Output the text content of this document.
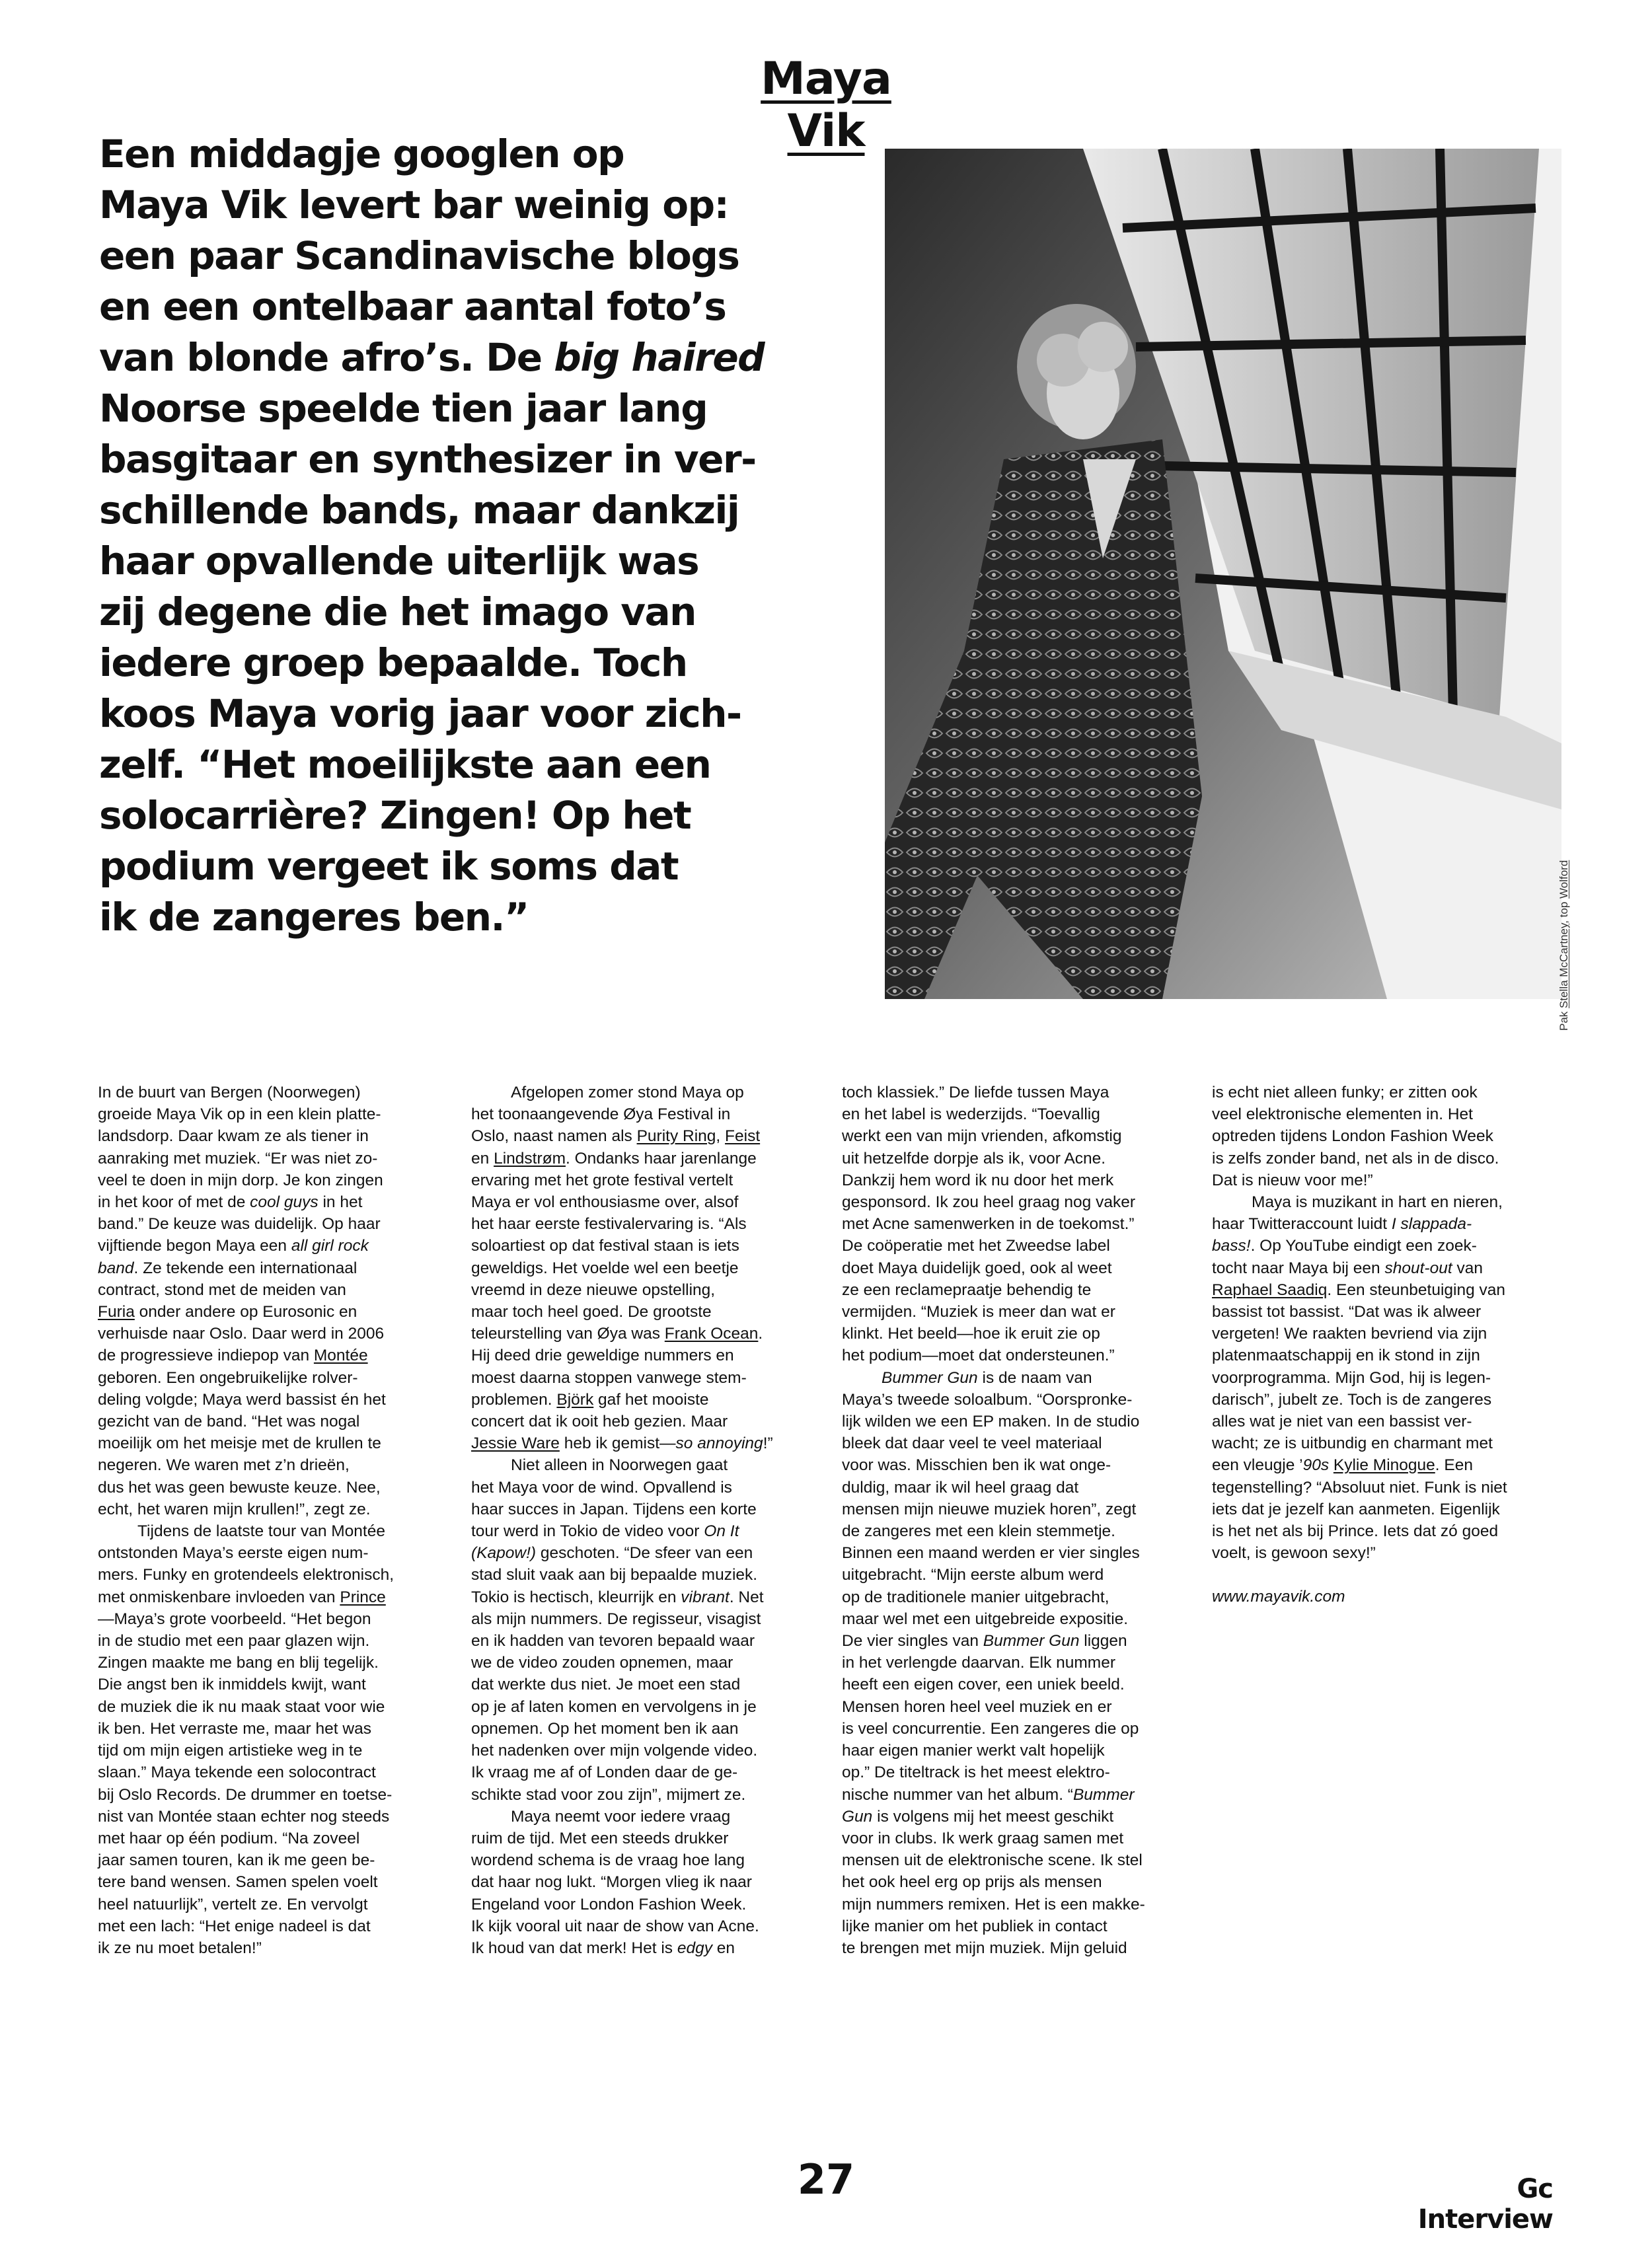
Maya Vik
Een middagje googlen op
Maya Vik levert bar weinig op:
een paar Scandinavische blogs
en een ontelbaar aantal foto’s
van blonde afro’s. De big haired
Noorse speelde tien jaar lang
basgitaar en synthesizer in ver-
schillende bands, maar dankzij
haar opvallende uiterlijk was
zij degene die het imago van
iedere groep bepaalde. Toch
koos Maya vorig jaar voor zich-
zelf. “Het moeilijkste aan een
solocarrière? Zingen! Op het
podium vergeet ik soms dat
ik de zangeres ben.”
Pak Stella McCartney, top Wolford
In de buurt van Bergen (Noorwegen)
groeide Maya Vik op in een klein platte-
landsdorp. Daar kwam ze als tiener in
aanraking met muziek. “Er was niet zo-
veel te doen in mijn dorp. Je kon zingen
in het koor of met de cool guys in het
band.” De keuze was duidelijk. Op haar
vijftiende begon Maya een all girl rock
band. Ze tekende een internationaal
contract, stond met de meiden van
Furia onder andere op Eurosonic en
verhuisde naar Oslo. Daar werd in 2006
de progressieve indiepop van Montée
geboren. Een ongebruikelijke rolver-
deling volgde; Maya werd bassist én het
gezicht van de band. “Het was nogal
moeilijk om het meisje met de krullen te
negeren. We waren met z’n drieën,
dus het was geen bewuste keuze. Nee,
echt, het waren mijn krullen!”, zegt ze.
Tijdens de laatste tour van Montée
ontstonden Maya’s eerste eigen num-
mers. Funky en grotendeels elektronisch,
met onmiskenbare invloeden van Prince
—Maya’s grote voorbeeld. “Het begon
in de studio met een paar glazen wijn.
Zingen maakte me bang en blij tegelijk.
Die angst ben ik inmiddels kwijt, want
de muziek die ik nu maak staat voor wie
ik ben. Het verraste me, maar het was
tijd om mijn eigen artistieke weg in te
slaan.” Maya tekende een solocontract
bij Oslo Records. De drummer en toetse-
nist van Montée staan echter nog steeds
met haar op één podium. “Na zoveel
jaar samen touren, kan ik me geen be-
tere band wensen. Samen spelen voelt
heel natuurlijk”, vertelt ze. En vervolgt
met een lach: “Het enige nadeel is dat
ik ze nu moet betalen!”
Afgelopen zomer stond Maya op
het toonaangevende Øya Festival in
Oslo, naast namen als Purity Ring, Feist
en Lindstrøm. Ondanks haar jarenlange
ervaring met het grote festival vertelt
Maya er vol enthousiasme over, alsof
het haar eerste festivalervaring is. “Als
soloartiest op dat festival staan is iets
geweldigs. Het voelde wel een beetje
vreemd in deze nieuwe opstelling,
maar toch heel goed. De grootste
teleurstelling van Øya was Frank Ocean.
Hij deed drie geweldige nummers en
moest daarna stoppen vanwege stem-
problemen. Björk gaf het mooiste
concert dat ik ooit heb gezien. Maar
Jessie Ware heb ik gemist—so annoying!”
Niet alleen in Noorwegen gaat
het Maya voor de wind. Opvallend is
haar succes in Japan. Tijdens een korte
tour werd in Tokio de video voor On It
(Kapow!) geschoten. “De sfeer van een
stad sluit vaak aan bij bepaalde muziek.
Tokio is hectisch, kleurrijk en vibrant. Net
als mijn nummers. De regisseur, visagist
en ik hadden van tevoren bepaald waar
we de video zouden opnemen, maar
dat werkte dus niet. Je moet een stad
op je af laten komen en vervolgens in je
opnemen. Op het moment ben ik aan
het nadenken over mijn volgende video.
Ik vraag me af of Londen daar de ge-
schikte stad voor zou zijn”, mijmert ze.
Maya neemt voor iedere vraag
ruim de tijd. Met een steeds drukker
wordend schema is de vraag hoe lang
dat haar nog lukt. “Morgen vlieg ik naar
Engeland voor London Fashion Week.
Ik kijk vooral uit naar de show van Acne.
Ik houd van dat merk! Het is edgy en
toch klassiek.” De liefde tussen Maya
en het label is wederzijds. “Toevallig
werkt een van mijn vrienden, afkomstig
uit hetzelfde dorpje als ik, voor Acne.
Dankzij hem word ik nu door het merk
gesponsord. Ik zou heel graag nog vaker
met Acne samenwerken in de toekomst.”
De coöperatie met het Zweedse label
doet Maya duidelijk goed, ook al weet
ze een reclamepraatje behendig te
vermijden. “Muziek is meer dan wat er
klinkt. Het beeld—hoe ik eruit zie op
het podium—moet dat ondersteunen.”
Bummer Gun is de naam van
Maya’s tweede soloalbum. “Oorspronke-
lijk wilden we een EP maken. In de studio
bleek dat daar veel te veel materiaal
voor was. Misschien ben ik wat onge-
duldig, maar ik wil heel graag dat
mensen mijn nieuwe muziek horen”, zegt
de zangeres met een klein stemmetje.
Binnen een maand werden er vier singles
uitgebracht. “Mijn eerste album werd
op de traditionele manier uitgebracht,
maar wel met een uitgebreide expositie.
De vier singles van Bummer Gun liggen
in het verlengde daarvan. Elk nummer
heeft een eigen cover, een uniek beeld.
Mensen horen heel veel muziek en er
is veel concurrentie. Een zangeres die op
haar eigen manier werkt valt hopelijk
op.” De titeltrack is het meest elektro-
nische nummer van het album. “Bummer
Gun is volgens mij het meest geschikt
voor in clubs. Ik werk graag samen met
mensen uit de elektronische scene. Ik stel
het ook heel erg op prijs als mensen
mijn nummers remixen. Het is een makke-
lijke manier om het publiek in contact
te brengen met mijn muziek. Mijn geluid
is echt niet alleen funky; er zitten ook
veel elektronische elementen in. Het
optreden tijdens London Fashion Week
is zelfs zonder band, net als in de disco.
Dat is nieuw voor me!”
Maya is muzikant in hart en nieren,
haar Twitteraccount luidt I slappada-
bass!. Op YouTube eindigt een zoek-
tocht naar Maya bij een shout-out van
Raphael Saadiq. Een steunbetuiging van
bassist tot bassist. “Dat was ik alweer
vergeten! We raakten bevriend via zijn
platenmaatschappij en ik stond in zijn
voorprogramma. Mijn God, hij is legen-
darisch”, jubelt ze. Toch is de zangeres
alles wat je niet van een bassist ver-
wacht; ze is uitbundig en charmant met
een vleugje ’90s Kylie Minogue. Een
tegenstelling? “Absoluut niet. Funk is niet
iets dat je jezelf kan aanmeten. Eigenlijk
is het net als bij Prince. Iets dat zó goed
voelt, is gewoon sexy!”
www.mayavik.com
27	Gc Interview
